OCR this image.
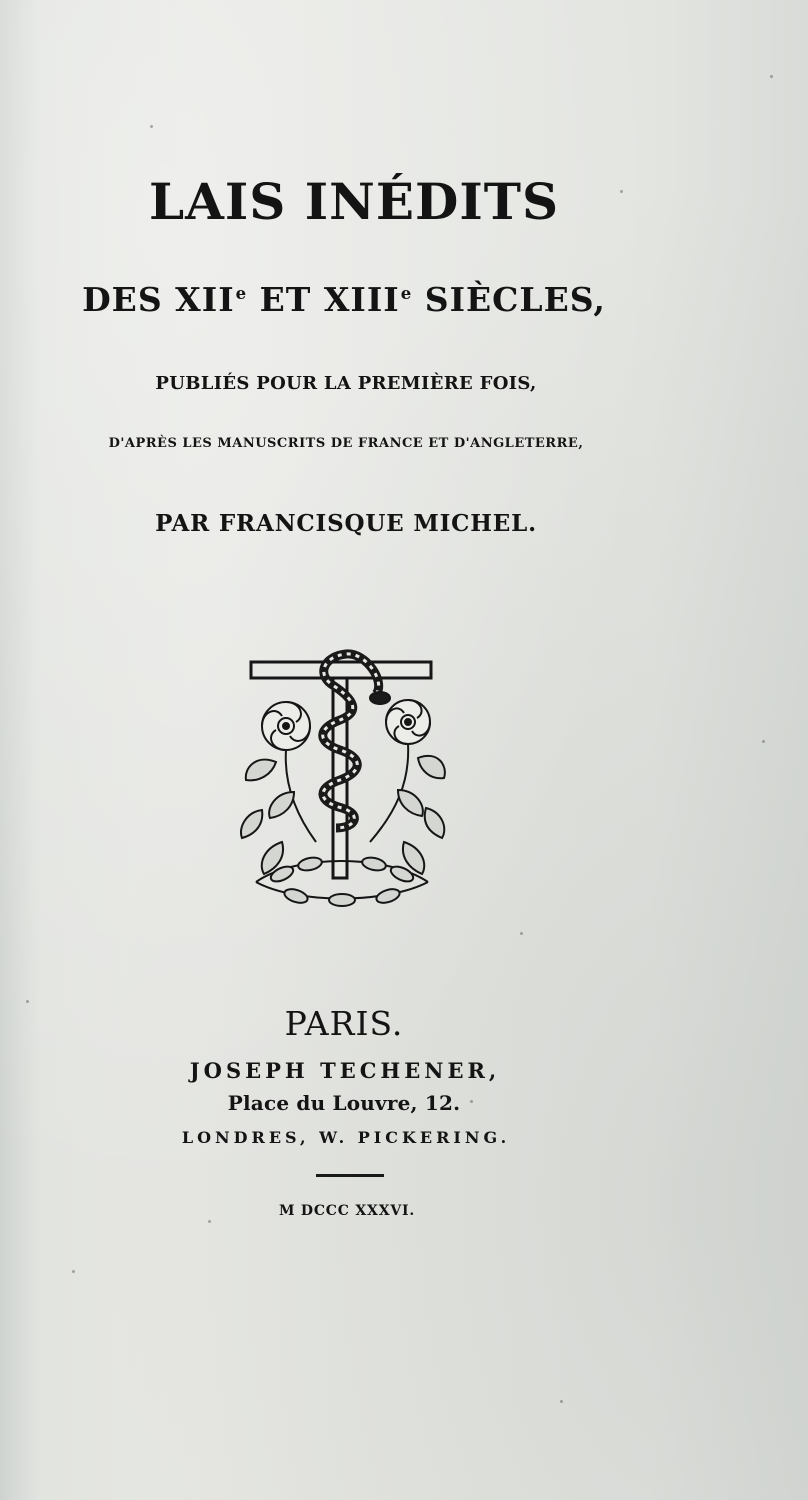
LAIS INÉDITS
DES XIIe ET XIIIe SIÈCLES,
PUBLIÉS POUR LA PREMIÈRE FOIS,
D'APRÈS LES MANUSCRITS DE FRANCE ET D'ANGLETERRE,
PAR FRANCISQUE MICHEL.
PARIS.
JOSEPH TECHENER,
Place du Louvre, 12.
LONDRES, W. PICKERING.
M DCCC XXXVI.
